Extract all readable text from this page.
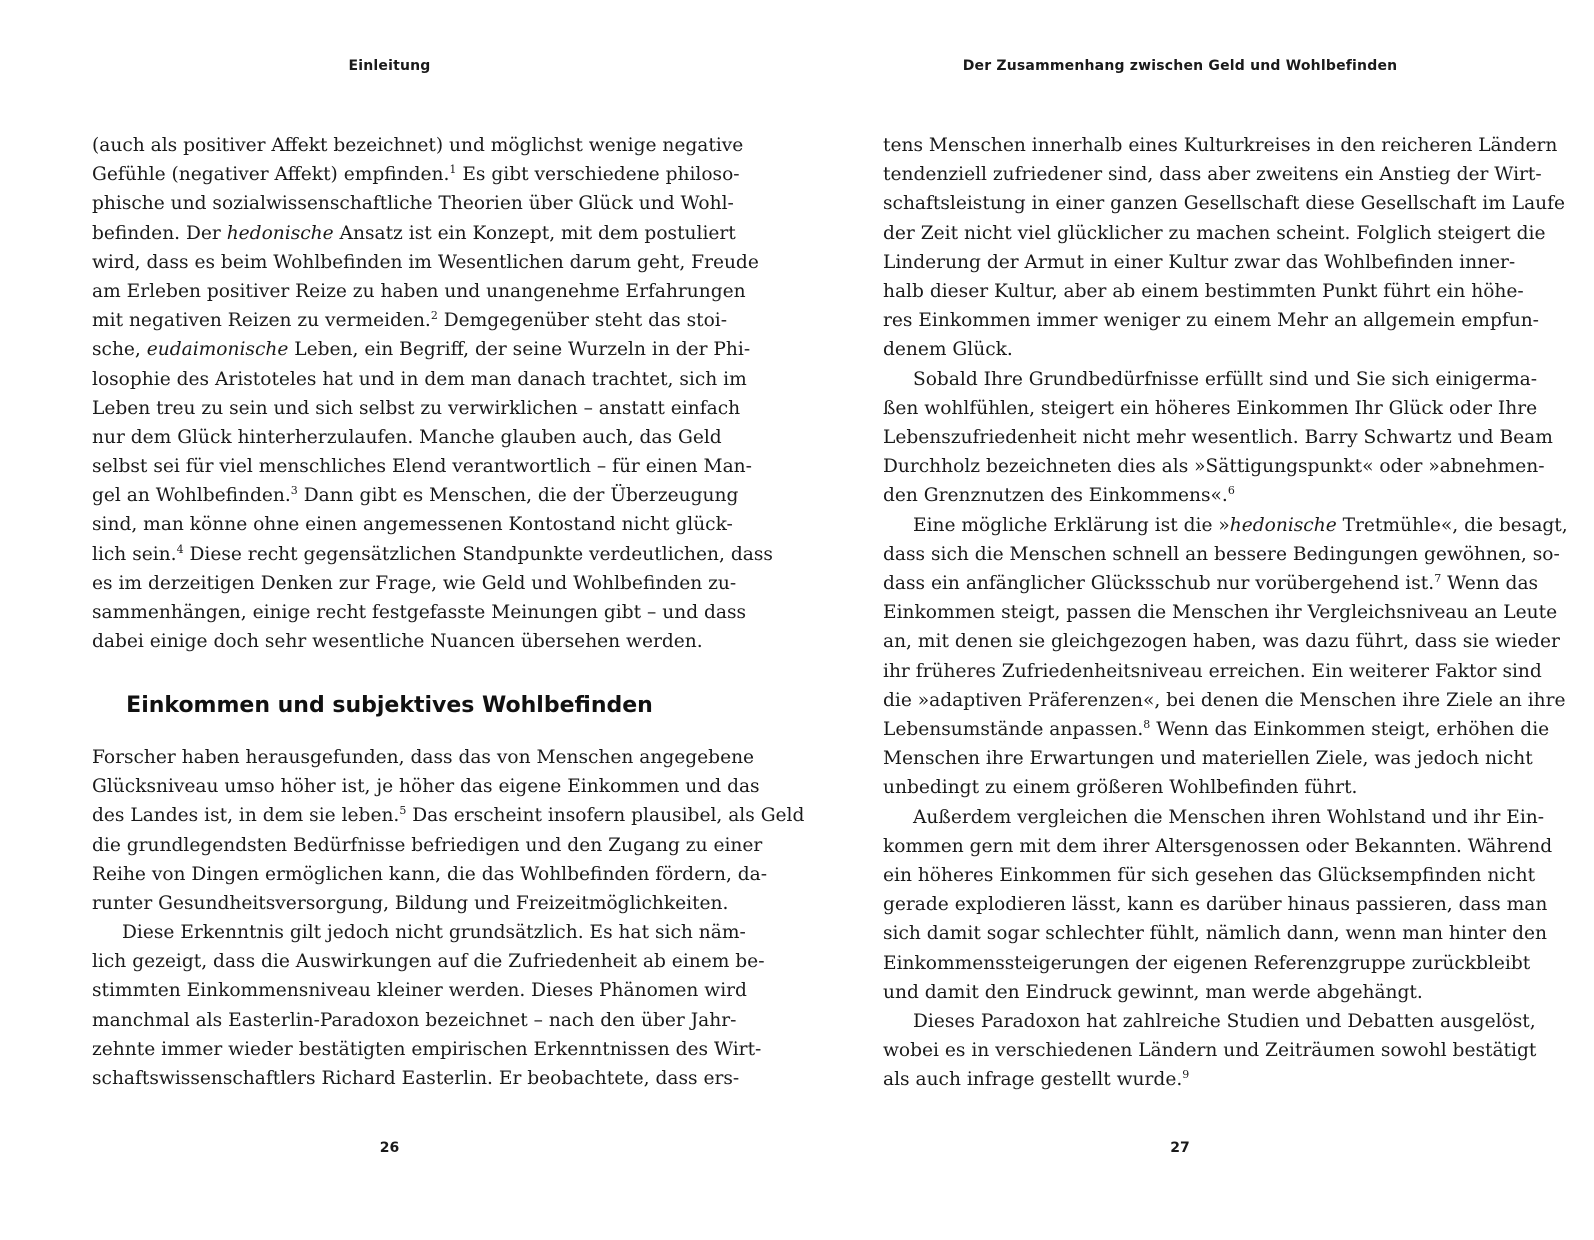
Einleitung
(auch als positiver Affekt bezeichnet) und möglichst wenige negative
Gefühle (negativer Affekt) empfinden.$^1$ Es gibt verschiedene philoso-
phische und sozialwissenschaftliche Theorien über Glück und Wohl-
befinden. Der hedonische Ansatz ist ein Konzept, mit dem postuliert
wird, dass es beim Wohlbefinden im Wesentlichen darum geht, Freude
am Erleben positiver Reize zu haben und unangenehme Erfahrungen
mit negativen Reizen zu vermeiden.$^2$ Demgegenüber steht das stoi-
sche, eudaimonische Leben, ein Begriff, der seine Wurzeln in der Phi-
losophie des Aristoteles hat und in dem man danach trachtet, sich im
Leben treu zu sein und sich selbst zu verwirklichen – anstatt einfach
nur dem Glück hinterherzulaufen. Manche glauben auch, das Geld
selbst sei für viel menschliches Elend verantwortlich – für einen Man-
gel an Wohlbefinden.$^3$ Dann gibt es Menschen, die der Überzeugung
sind, man könne ohne einen angemessenen Kontostand nicht glück-
lich sein.$^4$ Diese recht gegensätzlichen Standpunkte verdeutlichen, dass
es im derzeitigen Denken zur Frage, wie Geld und Wohlbefinden zu-
sammenhängen, einige recht festgefasste Meinungen gibt – und dass
dabei einige doch sehr wesentliche Nuancen übersehen werden.
Einkommen und subjektives Wohlbefinden
Forscher haben herausgefunden, dass das von Menschen angegebene
Glücksniveau umso höher ist, je höher das eigene Einkommen und das
des Landes ist, in dem sie leben.$^5$ Das erscheint insofern plausibel, als Geld
die grundlegendsten Bedürfnisse befriedigen und den Zugang zu einer
Reihe von Dingen ermöglichen kann, die das Wohlbefinden fördern, da-
runter Gesundheitsversorgung, Bildung und Freizeitmöglichkeiten.
Diese Erkenntnis gilt jedoch nicht grundsätzlich. Es hat sich näm-
lich gezeigt, dass die Auswirkungen auf die Zufriedenheit ab einem be-
stimmten Einkommensniveau kleiner werden. Dieses Phänomen wird
manchmal als Easterlin-Paradoxon bezeichnet – nach den über Jahr-
zehnte immer wieder bestätigten empirischen Erkenntnissen des Wirt-
schaftswissenschaftlers Richard Easterlin. Er beobachtete, dass ers-
26
Der Zusammenhang zwischen Geld und Wohlbefinden
tens Menschen innerhalb eines Kulturkreises in den reicheren Ländern
tendenziell zufriedener sind, dass aber zweitens ein Anstieg der Wirt-
schaftsleistung in einer ganzen Gesellschaft diese Gesellschaft im Laufe
der Zeit nicht viel glücklicher zu machen scheint. Folglich steigert die
Linderung der Armut in einer Kultur zwar das Wohlbefinden inner-
halb dieser Kultur, aber ab einem bestimmten Punkt führt ein höhe-
res Einkommen immer weniger zu einem Mehr an allgemein empfun-
denem Glück.
Sobald Ihre Grundbedürfnisse erfüllt sind und Sie sich einigerma-
ßen wohlfühlen, steigert ein höheres Einkommen Ihr Glück oder Ihre
Lebenszufriedenheit nicht mehr wesentlich. Barry Schwartz und Beam
Durchholz bezeichneten dies als »Sättigungspunkt« oder »abnehmen-
den Grenznutzen des Einkommens«.$^6$
Eine mögliche Erklärung ist die »hedonische Tretmühle«, die besagt,
dass sich die Menschen schnell an bessere Bedingungen gewöhnen, so-
dass ein anfänglicher Glücksschub nur vorübergehend ist.$^7$ Wenn das
Einkommen steigt, passen die Menschen ihr Vergleichsniveau an Leute
an, mit denen sie gleichgezogen haben, was dazu führt, dass sie wieder
ihr früheres Zufriedenheitsniveau erreichen. Ein weiterer Faktor sind
die »adaptiven Präferenzen«, bei denen die Menschen ihre Ziele an ihre
Lebensumstände anpassen.$^8$ Wenn das Einkommen steigt, erhöhen die
Menschen ihre Erwartungen und materiellen Ziele, was jedoch nicht
unbedingt zu einem größeren Wohlbefinden führt.
Außerdem vergleichen die Menschen ihren Wohlstand und ihr Ein-
kommen gern mit dem ihrer Altersgenossen oder Bekannten. Während
ein höheres Einkommen für sich gesehen das Glücksempfinden nicht
gerade explodieren lässt, kann es darüber hinaus passieren, dass man
sich damit sogar schlechter fühlt, nämlich dann, wenn man hinter den
Einkommenssteigerungen der eigenen Referenzgruppe zurückbleibt
und damit den Eindruck gewinnt, man werde abgehängt.
Dieses Paradoxon hat zahlreiche Studien und Debatten ausgelöst,
wobei es in verschiedenen Ländern und Zeiträumen sowohl bestätigt
als auch infrage gestellt wurde.$^9$
27
